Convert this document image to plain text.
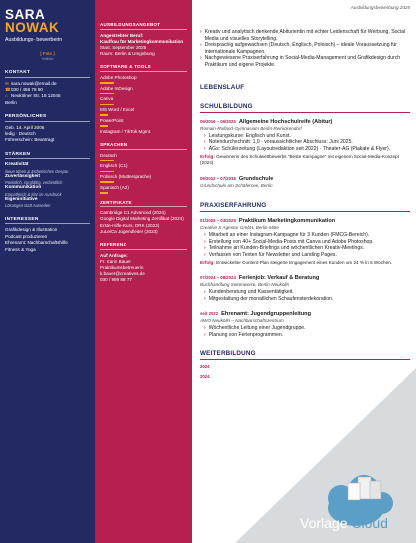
SARA
NOWAK
Ausbildungs- bewerberin
[ Foto ]
Vollfoto
KONTAKT
✉ sara.nowak@email.de
☎ 030 / 456 78 90
⌂ Neukölner Str. 18 12045
Berlin
PERSÖNLICHES
Geb. 14. April 2006
ledig · Deutsch
Führerschein: Beantragt
STÄRKEN
Kreativität
Neue Ideen & ästhetisches Gespür
Zuverlässigkeit
Pünktlich, sorgfältig, verbindlich
Kommunikation
Empathisch & klar im Ausdruck
Eigeninitiative
Lösungen statt Ausreden
INTERESSEN
Grafikdesign & Illustration
Podcast produzieren
Ehrenamt: Nachbarschaftshilfe
Fitness & Yoga
AUSBILDUNGSANGEBOT
Angestrebter Beruf:
Kauffrau für Marketingkommunikation
Start: September 2025
Raum: Berlin & Umgebung
SOFTWARE & TOOLS
Adobe Photoshop
Adobe InDesign
Canva
MS Word / Excel
PowerPoint
Instagram / TikTok Mgmt.
SPRACHEN
Deutsch
Englisch (C1)
Polnisch (Muttersprache)
Spanisch (A2)
ZERTIFIKATE
Cambridge C1 Advanced (2024)
Google Digital Marketing Zertifikat (2024)
Erste-Hilfe-Kurs, DRK (2023)
JuLeiCa Jugendleiter (2023)
REFERENZ
Auf Anfrage:
Fr. Karin Bauer
Praktikumsbetreuerin
k.bauer@creatives.de
030 / 999 88 77
Ausbildungsbewerbung 2025
› Kreativ und analytisch denkende Abiturientin mit echter Leidenschaft für Werbung, Social Media und visuelles Storytelling.
› Dreisprachig aufgewachsen (Deutsch, Englisch, Polnisch) – ideale Voraussetzung für internationale Kampagnen.
› Nachgewiesene Praxiserfahrung in Social-Media-Management und Grafikdesign durch Praktikum und eigene Projekte.
LEBENSLAUF
SCHULBILDUNG
09/2016 – 06/2025 Allgemeine Hochschulreife (Abitur)
Romain-Rolland-Gymnasium Berlin-Reinickendorf
› Leistungskurse: Englisch und Kunst.
› Notendurchschnitt: 1,9 · voraussichtlicher Abschluss: Juni 2025.
› AGs: Schülerzeitung (Layoutredaktion seit 2022) · Theater-AG (Plakate & Flyer).
Erfolg: Gewinnerin des Schulwettbewerbs "Beste Kampagne" mit eigenem Social-Media-Konzept (2024).
09/2012 – 07/2016 Grundschule
Grundschule am Schäfersee, Berlin
PRAXISERFAHRUNG
01/2025 – 03/2025 Praktikum Marketingkommunikation
Creative X Agentur GmbH, Berlin-Mitte
› Mitarbeit an einer Instagram-Kampagne für 3 Kunden (FMCG-Bereich).
› Erstellung von 40+ Social-Media-Posts mit Canva und Adobe Photoshop.
› Teilnahme an Kunden-Briefings und wöchentlichen Kreativ-Meetings.
› Verfassen von Texten für Newsletter und Landing Pages.
Erfolg: Entwickelter Content-Plan steigerte Engagement eines Kunden um 24 % in 6 Wochen.
07/2024 – 08/2024 Ferienjob: Verkauf & Beratung
Buchhandlung Seitenweise, Berlin-Neukölln
› Kundenberatung und Kassentätigkeit.
› Mitgestaltung der monatlichen Schaufensterdekoration.
seit 2022 Ehrenamt: Jugendgruppenleitung
AWO Neukölln – Nachbarschaftszentrum
› Wöchentliche Leitung einer Jugendgruppe.
› Planung von Ferienprogrammen.
WEITERBILDUNG
2024
2024
Vorlage Cloud
